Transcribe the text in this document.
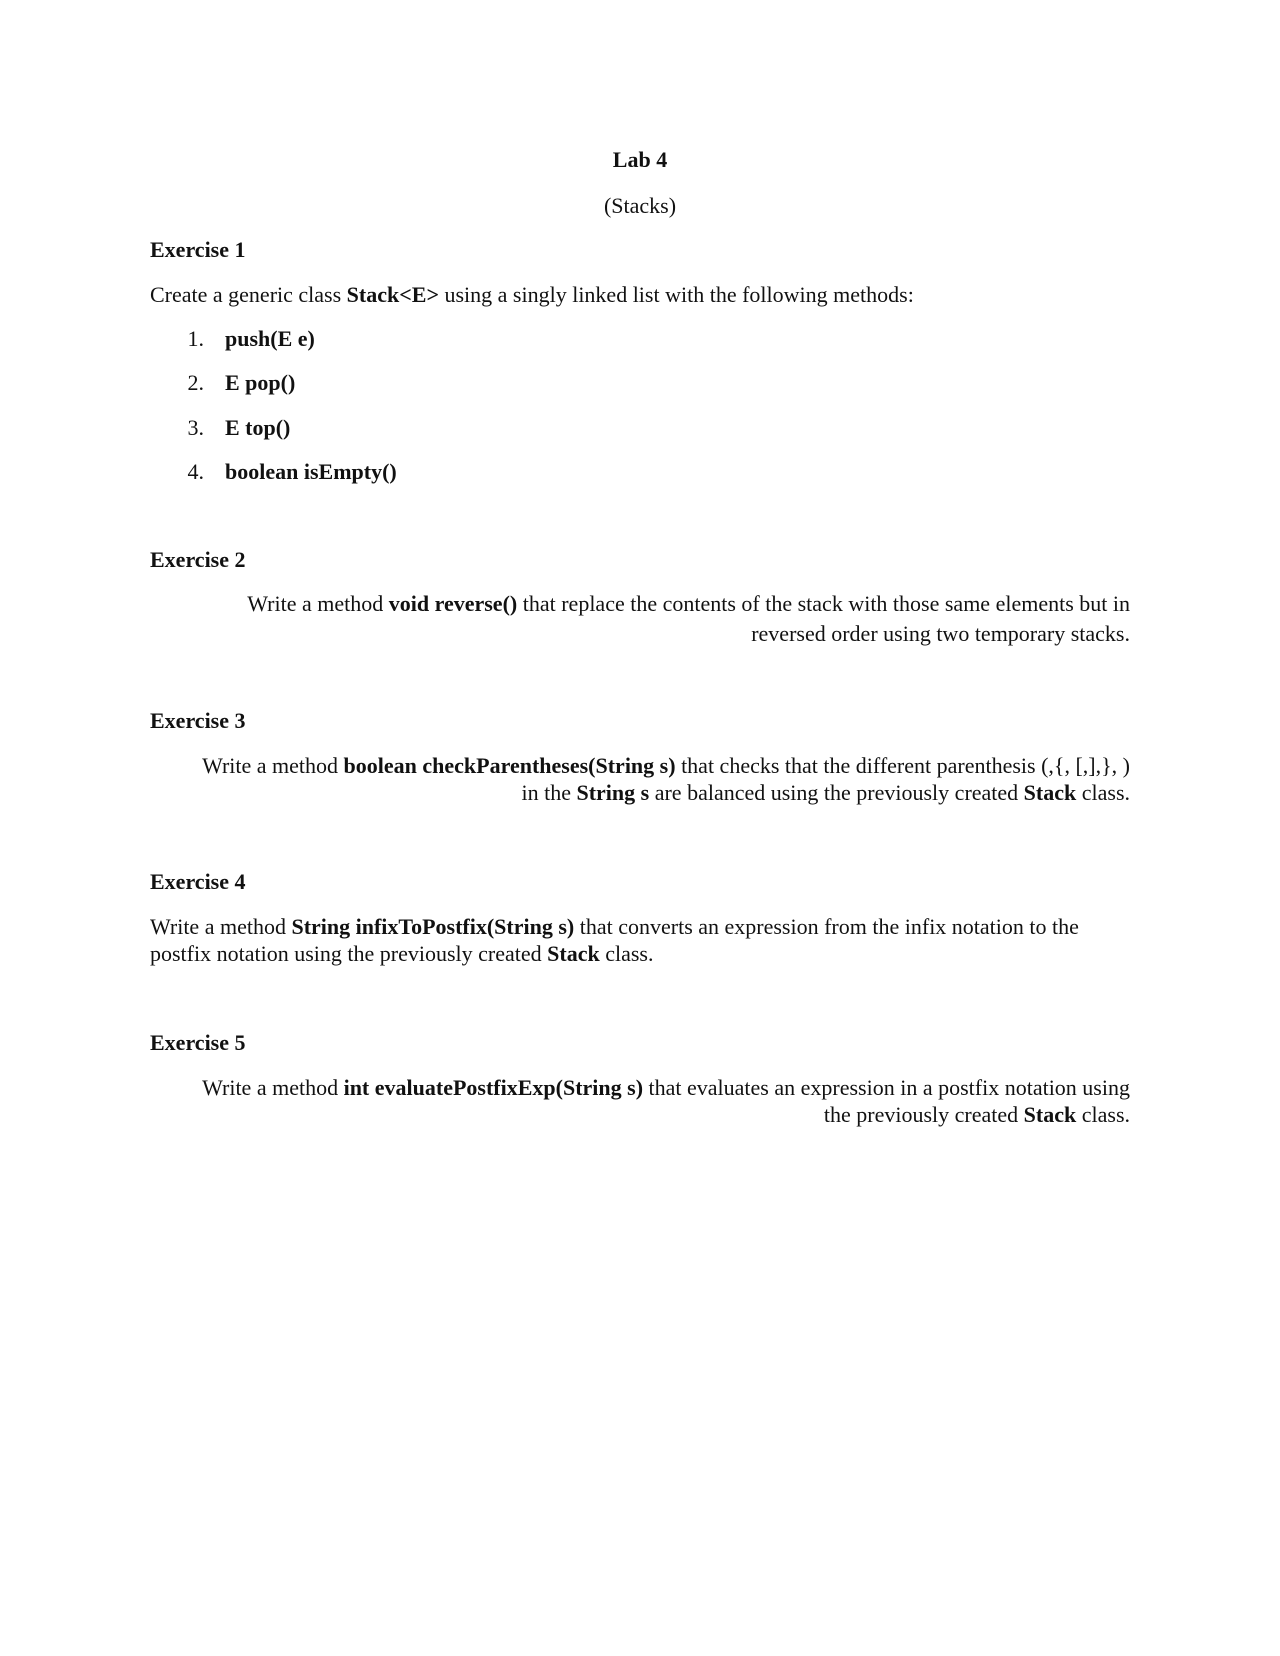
Lab 4
(Stacks)
Exercise 1
Create a generic class Stack<E> using a singly linked list with the following methods:
1. push(E e)
2. E pop()
3. E top()
4. boolean isEmpty()
Exercise 2
Write a method void reverse() that replace the contents of the stack with those same elements but in
reversed order using two temporary stacks.
Exercise 3
Write a method boolean checkParentheses(String s) that checks that the different parenthesis (,{, [,],}, )
in the String s are balanced using the previously created Stack class.
Exercise 4
Write a method String infixToPostfix(String s) that converts an expression from the infix notation to the
postfix notation using the previously created Stack class.
Exercise 5
Write a method int evaluatePostfixExp(String s) that evaluates an expression in a postfix notation using
the previously created Stack class.
